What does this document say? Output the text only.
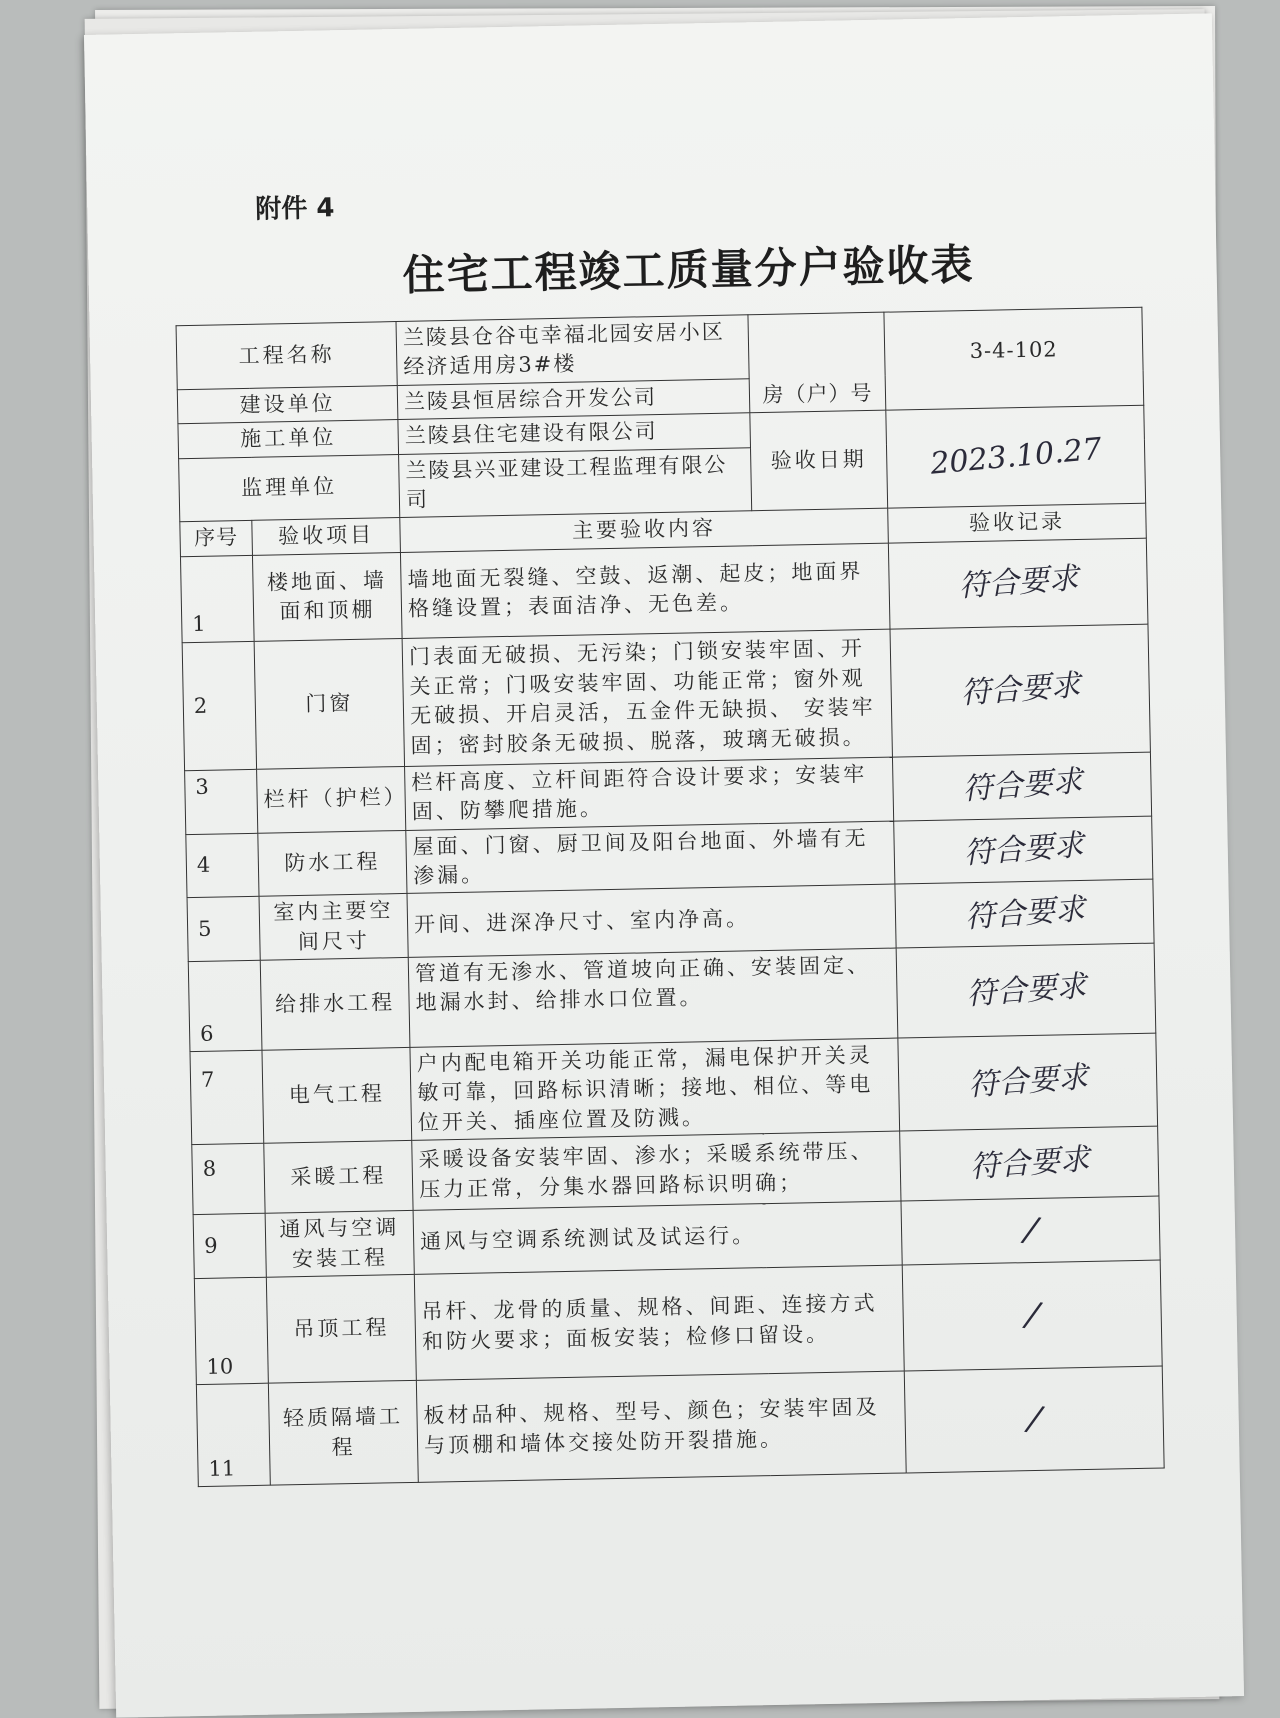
附件 4
住宅工程竣工质量分户验收表
工程名称		兰陵县仓谷屯幸福北园安居小区经济适用房3#楼	房（户）号	3-4-102
建设单位		兰陵县恒居综合开发公司		
施工单位		兰陵县住宅建设有限公司	验收日期	2023.10.27
监理单位		兰陵县兴亚建设工程监理有限公司		
序号	验收项目	主要验收内容		验收记录
1	楼地面、墙面和顶棚	墙地面无裂缝、空鼓、返潮、起皮；地面界格缝设置；表面洁净、无色差。		符合要求
2	门窗	门表面无破损、无污染；门锁安装牢固、开关正常；门吸安装牢固、功能正常；窗外观无破损、开启灵活，五金件无缺损、 安装牢固；密封胶条无破损、脱落，玻璃无破损。		符合要求
3	栏杆（护栏）	栏杆高度、立杆间距符合设计要求；安装牢固、防攀爬措施。		符合要求
4	防水工程	屋面、门窗、厨卫间及阳台地面、外墙有无渗漏。		符合要求
5	室内主要空间尺寸	开间、进深净尺寸、室内净高。		符合要求
6	给排水工程	管道有无渗水、管道坡向正确、安装固定、地漏水封、给排水口位置。		符合要求
7	电气工程	户内配电箱开关功能正常，漏电保护开关灵敏可靠，回路标识清晰；接地、相位、等电位开关、插座位置及防溅。		符合要求
8	采暖工程	采暖设备安装牢固、渗水；采暖系统带压、压力正常，分集水器回路标识明确；		符合要求
9	通风与空调安装工程	通风与空调系统测试及试运行。		/
10	吊顶工程	吊杆、龙骨的质量、规格、间距、连接方式和防火要求；面板安装；检修口留设。		/
11	轻质隔墙工程	板材品种、规格、型号、颜色；安装牢固及与顶棚和墙体交接处防开裂措施。		/
